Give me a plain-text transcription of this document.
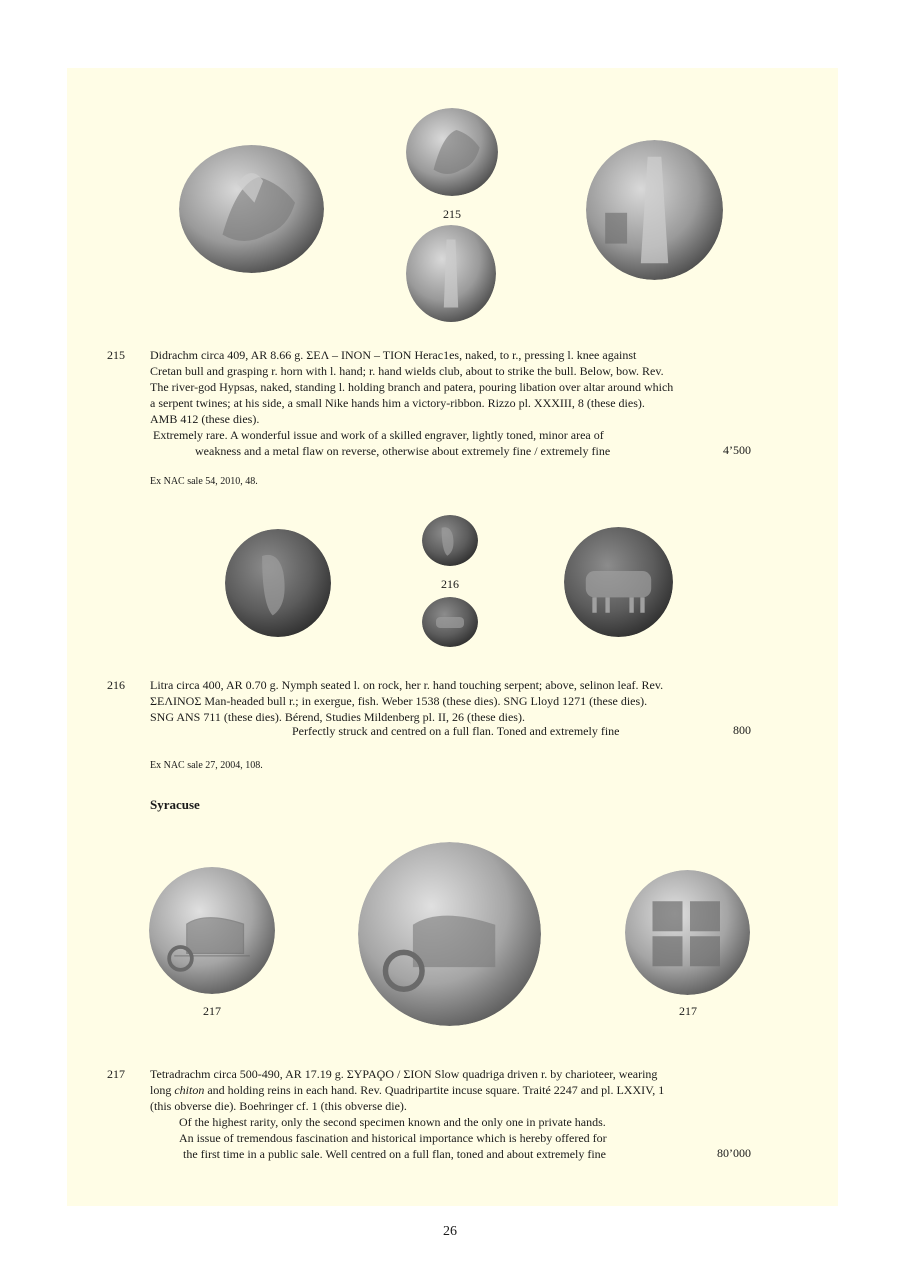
215
215 Didrachm circa 409, AR 8.66 g. ΣΕΛ – ΙΝΟΝ – ΤΙΟΝ Herac1es, naked, to r., pressing l. knee against

Cretan bull and grasping r. horn with l. hand; r. hand wields club, about to strike the bull. Below, bow. Rev.

The river-god Hypsas, naked, standing l. holding branch and patera, pouring libation over altar around which

a serpent twines; at his side, a small Nike hands him a victory-ribbon. Rizzo pl. XXXIII, 8 (these dies).

AMB 412 (these dies).

Extremely rare. A wonderful issue and work of a skilled engraver, lightly toned, minor area of
weakness and a metal flaw on reverse, otherwise about extremely fine / extremely fine	4’500
Ex NAC sale 54, 2010, 48.
216
216 Litra circa 400, AR 0.70 g. Nymph seated l. on rock, her r. hand touching serpent; above, selinon leaf. Rev.

ΣΕΛΙΝΟΣ Man-headed bull r.; in exergue, fish. Weber 1538 (these dies). SNG Lloyd 1271 (these dies).

SNG ANS 711 (these dies). Bérend, Studies Mildenberg pl. II, 26 (these dies).

Perfectly struck and centred on a full flan. Toned and extremely fine	800
Ex NAC sale 27, 2004, 108.
Syracuse
217	217
217 Tetradrachm circa 500-490, AR 17.19 g. ΣΥΡΑϘΟ / ΣΙΟΝ Slow quadriga driven r. by charioteer, wearing

long chiton and holding reins in each hand. Rev. Quadripartite incuse square. Traité 2247 and pl. LXXIV, 1

(this obverse die). Boehringer cf. 1 (this obverse die).

Of the highest rarity, only the second specimen known and the only one in private hands.
An issue of tremendous fascination and historical importance which is hereby offered for
the first time in a public sale. Well centred on a full flan, toned and about extremely fine	80’000
26
